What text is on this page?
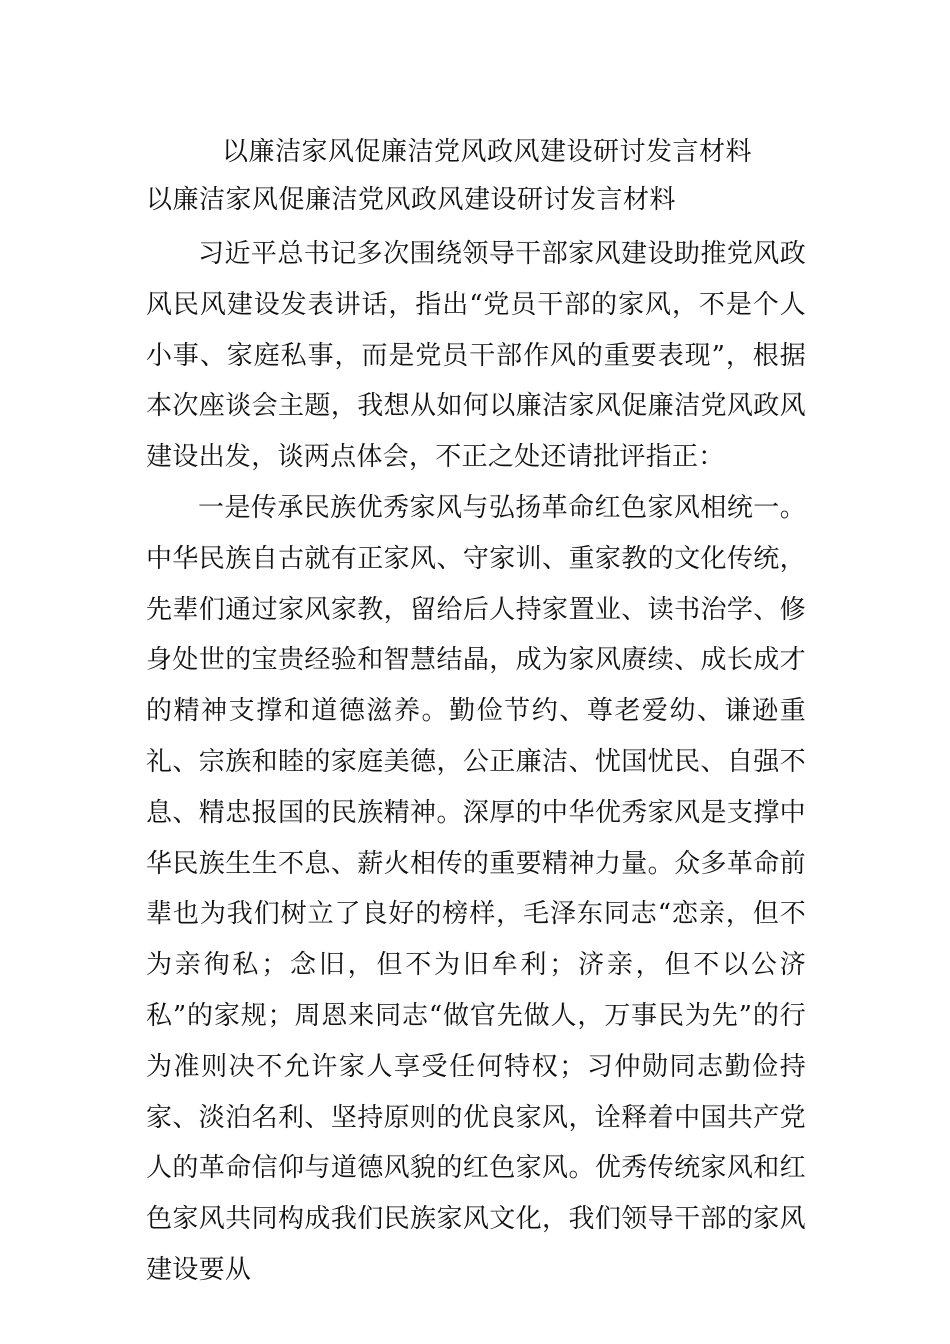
以廉洁家风促廉洁党风政风建设研讨发言材料
以廉洁家风促廉洁党风政风建设研讨发言材料
习近平总书记多次围绕领导干部家风建设助推党风政风民风建设发表讲话，指出“党员干部的家风，不是个人小事、家庭私事，而是党员干部作风的重要表现”，根据本次座谈会主题，我想从如何以廉洁家风促廉洁党风政风建设出发，谈两点体会，不正之处还请批评指正：
一是传承民族优秀家风与弘扬革命红色家风相统一。中华民族自古就有正家风、守家训、重家教的文化传统，先辈们通过家风家教，留给后人持家置业、读书治学、修身处世的宝贵经验和智慧结晶，成为家风赓续、成长成才的精神支撑和道德滋养。勤俭节约、尊老爱幼、谦逊重礼、宗族和睦的家庭美德，公正廉洁、忧国忧民、自强不息、精忠报国的民族精神。深厚的中华优秀家风是支撑中华民族生生不息、薪火相传的重要精神力量。众多革命前辈也为我们树立了良好的榜样，毛泽东同志“恋亲，但不为亲徇私；念旧，但不为旧牟利；济亲，但不以公济私”的家规；周恩来同志“做官先做人，万事民为先”的行为准则决不允许家人享受任何特权；习仲勋同志勤俭持家、淡泊名利、坚持原则的优良家风，诠释着中国共产党人的革命信仰与道德风貌的红色家风。优秀传统家风和红色家风共同构成我们民族家风文化，我们领导干部的家风建设要从
